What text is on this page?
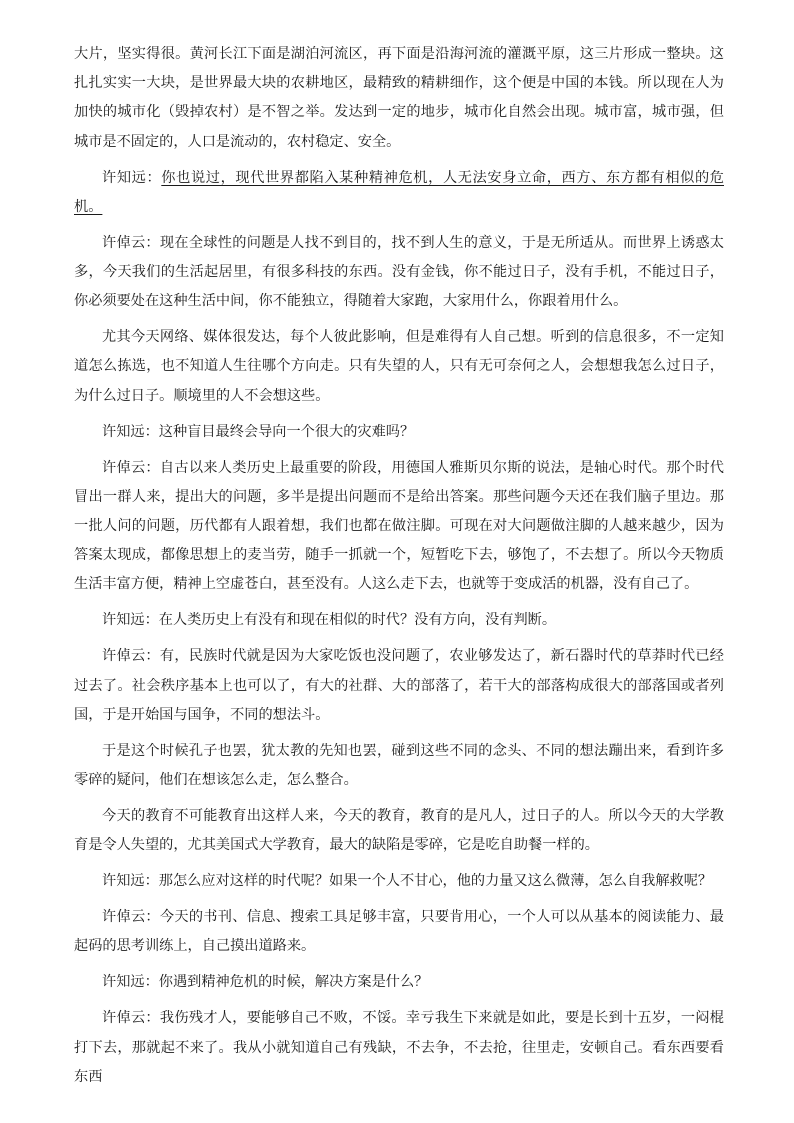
大片，坚实得很。黄河长江下面是湖泊河流区，再下面是沿海河流的灌溉平原，这三片形成一整块。这扎扎实实一大块，是世界最大块的农耕地区，最精致的精耕细作，这个便是中国的本钱。所以现在人为加快的城市化（毁掉农村）是不智之举。发达到一定的地步，城市化自然会出现。城市富，城市强，但城市是不固定的，人口是流动的，农村稳定、安全。

许知远：你也说过，现代世界都陷入某种精神危机，人无法安身立命，西方、东方都有相似的危机。

许倬云：现在全球性的问题是人找不到目的，找不到人生的意义，于是无所适从。而世界上诱惑太多，今天我们的生活起居里，有很多科技的东西。没有金钱，你不能过日子，没有手机，不能过日子，你必须要处在这种生活中间，你不能独立，得随着大家跑，大家用什么，你跟着用什么。

尤其今天网络、媒体很发达，每个人彼此影响，但是难得有人自己想。听到的信息很多，不一定知道怎么拣选，也不知道人生往哪个方向走。只有失望的人，只有无可奈何之人，会想想我怎么过日子，为什么过日子。顺境里的人不会想这些。

许知远：这种盲目最终会导向一个很大的灾难吗？

许倬云：自古以来人类历史上最重要的阶段，用德国人雅斯贝尔斯的说法，是轴心时代。那个时代冒出一群人来，提出大的问题，多半是提出问题而不是给出答案。那些问题今天还在我们脑子里边。那一批人问的问题，历代都有人跟着想，我们也都在做注脚。可现在对大问题做注脚的人越来越少，因为答案太现成，都像思想上的麦当劳，随手一抓就一个，短暂吃下去，够饱了，不去想了。所以今天物质生活丰富方便，精神上空虚苍白，甚至没有。人这么走下去，也就等于变成活的机器，没有自己了。

许知远：在人类历史上有没有和现在相似的时代？没有方向，没有判断。

许倬云：有，民族时代就是因为大家吃饭也没问题了，农业够发达了，新石器时代的草莽时代已经过去了。社会秩序基本上也可以了，有大的社群、大的部落了，若干大的部落构成很大的部落国或者列国，于是开始国与国争，不同的想法斗。

于是这个时候孔子也罢，犹太教的先知也罢，碰到这些不同的念头、不同的想法蹦出来，看到许多零碎的疑问，他们在想该怎么走，怎么整合。

今天的教育不可能教育出这样人来，今天的教育，教育的是凡人，过日子的人。所以今天的大学教育是令人失望的，尤其美国式大学教育，最大的缺陷是零碎，它是吃自助餐一样的。

许知远：那怎么应对这样的时代呢？如果一个人不甘心，他的力量又这么微薄，怎么自我解救呢？

许倬云：今天的书刊、信息、搜索工具足够丰富，只要肯用心，一个人可以从基本的阅读能力、最起码的思考训练上，自己摸出道路来。

许知远：你遇到精神危机的时候，解决方案是什么？

许倬云：我伤残才人，要能够自己不败，不馁。幸亏我生下来就是如此，要是长到十五岁，一闷棍打下去，那就起不来了。我从小就知道自己有残缺，不去争，不去抢，往里走，安顿自己。看东西要看东西
